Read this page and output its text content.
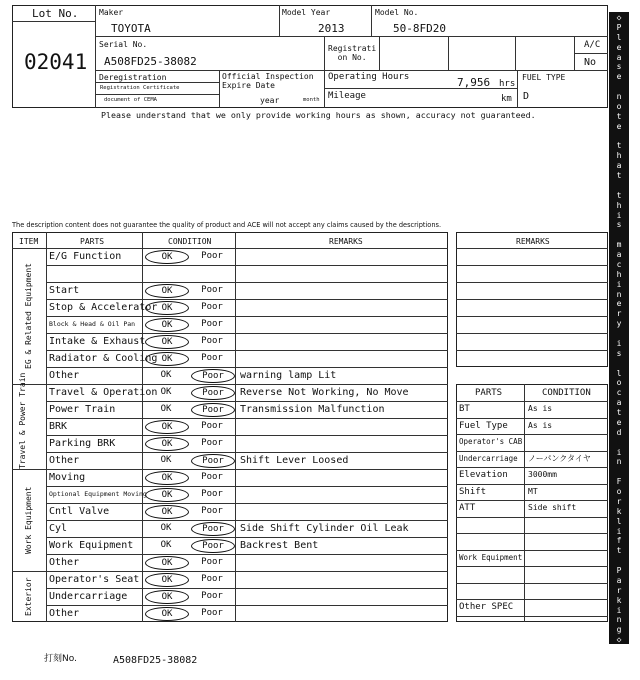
Lot No.
02041
Maker
TOYOTA
Model Year
2013
Model No.
50-8FD20
Serial No.
A508FD25-38082
Registrati
on No.
A/C
No
Deregistration
Registration Certificate
document of CEMA
Official Inspection
Expire Date
year	month
Operating Hours	7,956 hrs
Mileage	km
FUEL TYPE
D
Please understand that we only provide working hours as shown, accuracy not guaranteed.
The description content does not guarantee the quality of product and ACE will not accept any claims caused by the descriptions.
ITEM	PARTS	CONDITION	REMARKS
E/G Function	OK	Poor
Start	OK	Poor
Stop & Accelerator OK	Poor
Block & Head & Oil Pan	OK	Poor
Intake & Exhaust	OK	Poor
Radiator & Cooling OK	Poor
Other	OK	Poor	warning lamp Lit
EG & Related Equipment
Travel & Operation OK	Poor	Reverse Not Working, No Move
Power Train	OK	Poor	Transmission Malfunction
BRK	OK	Poor
Parking BRK	OK	Poor
Other	OK	Poor	Shift Lever Loosed
Travel & Power Train
Moving	OK	Poor
Optional Equipment Moving	OK	Poor
Cntl Valve	OK	Poor
Cyl	OK	Poor	Side Shift Cylinder Oil Leak
Work Equipment	OK	Poor	Backrest Bent
Other	OK	Poor
Work Equipment
Operator's Seat	OK	Poor
Undercarriage	OK	Poor
Other	OK	Poor
Exterior
REMARKS
PARTS	CONDITION
BT	As is
Fuel Type	As is
Operator's CAB
Undercarriage ノーパンクタイヤ
Elevation	3000mm
Shift	MT
ATT	Side shift
Work Equipment
Other SPEC
打刻No.	A508FD25-38082
◇
P
l
e
a
s
e
n
o
t
e
t
h
a
t
t
h
i
s
m
a
c
h
i
n
e
r
y
i
s
l
o
c
a
t
e
d
i
n
F
o
r
k
l
i
f
t
P
a
r
k
i
n
g
◇
